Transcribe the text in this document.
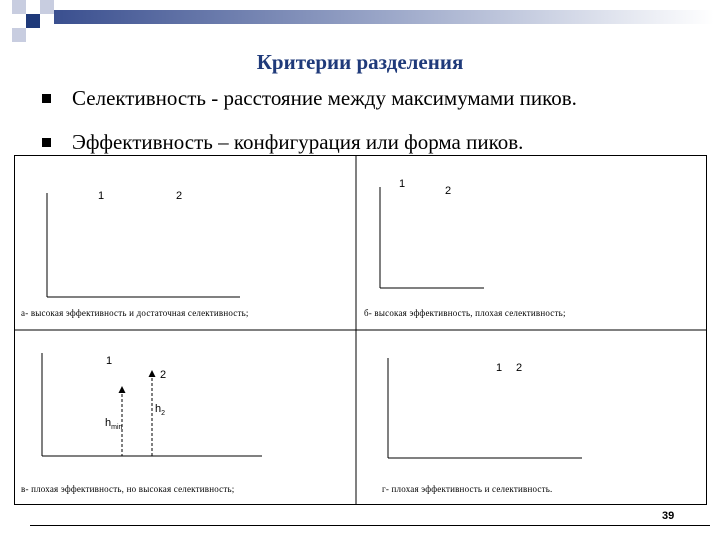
Критерии разделения
Селективность - расстояние между максимумами пиков.
Эффективность – конфигурация или форма пиков.
1	2
а- высокая эффективность и достаточная селективность;
1
2
б- высокая эффективность, плохая селективность;
1
2
$h_{min}$
$h_2$
в- плохая эффективность, но высокая селективность;
1 2
г- плохая эффективность и селективность.
39
